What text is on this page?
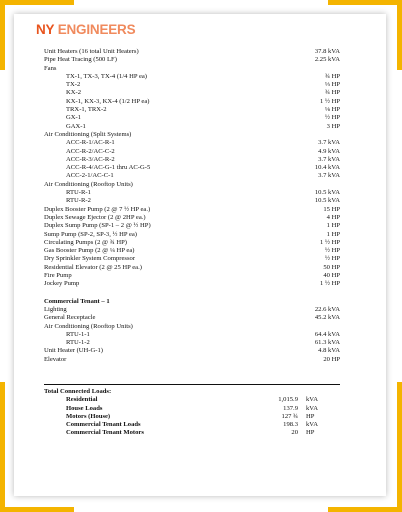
NY ENGINEERS
Unit Heaters (16 total Unit Heaters)	37.8 kVA
Pipe Heat Tracing (500 LF)	2.25 kVA
Fans
TX-1, TX-3, TX-4 (1/4 HP ea)	¾ HP
TX-2	⅓ HP
KX-2	¾ HP
KX-1, KX-3, KX-4 (1/2 HP ea)	1 ½ HP
TRX-1, TRX-2	⅛ HP
GX-1	½ HP
GAX-1	3 HP
Air Conditioning (Split Systems)
ACC-R-1/AC-R-1	3.7 kVA
ACC-R-2/AC-C-2	4.9 kVA
ACC-R-3/AC-R-2	3.7 kVA
ACC-R-4/AC-G-1 thru AC-G-5	10.4 kVA
ACC-2-1/AC-C-1	3.7 kVA
Air Conditioning (Rooftop Units)
RTU-R-1	10.5 kVA
RTU-R-2	10.5 kVA
Duplex Booster Pump (2 @ 7 ½ HP ea.)	15 HP
Duplex Sewage Ejector (2 @ 2HP ea.)	4 HP
Duplex Sump Pump (SP-1 – 2 @ ½ HP)	1 HP
Sump Pump (SP-2, SP-3, ½ HP ea)	1 HP
Circulating Pumps (2 @ ¾ HP)	1 ½ HP
Gas Booster Pump (2 @ ¼ HP ea)	½ HP
Dry Sprinkler System Compressor	½ HP
Residential Elevator (2 @ 25 HP ea.)	50 HP
Fire Pump	40 HP
Jockey Pump	1 ½ HP
Commercial Tenant – 1
Lighting	22.6 kVA
General Receptacle	45.2 kVA
Air Conditioning (Rooftop Units)
RTU-1-1	64.4 kVA
RTU-1-2	61.3 kVA
Unit Heater (UH-G-1)	4.8 kVA
Elevator	20 HP
Total Connected Loads:
Residential	1,015.9 kVA
House Loads	137.9 kVA
Motors (House)	127 ¾ HP
Commercial Tenant Loads	198.3 kVA
Commercial Tenant Motors	20 HP
